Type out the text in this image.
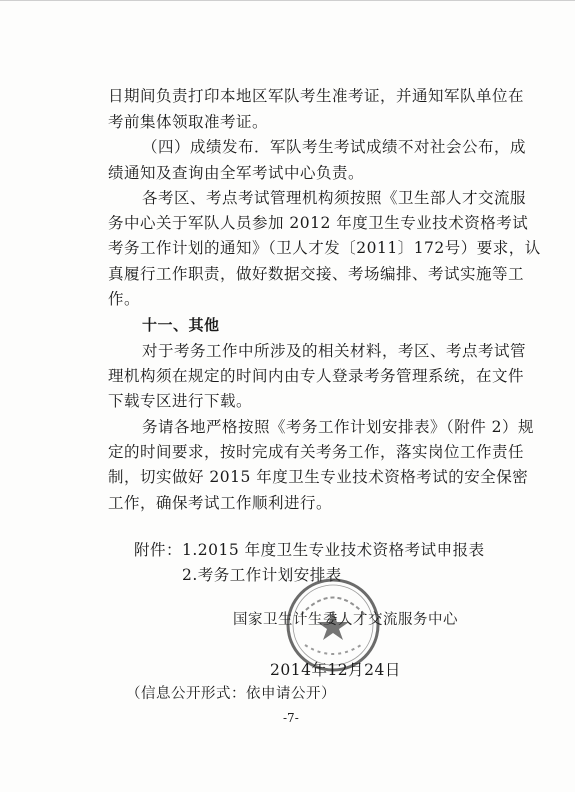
日期间负责打印本地区军队考生准考证，并通知军队单位在
考前集体领取准考证。
（四）成绩发布．军队考生考试成绩不对社会公布，成
绩通知及查询由全军考试中心负责。
各考区、考点考试管理机构须按照《卫生部人才交流服
务中心关于军队人员参加 2012 年度卫生专业技术资格考试
考务工作计划的通知》（卫人才发〔2011〕172号）要求，认
真履行工作职责，做好数据交接、考场编排、考试实施等工
作。
十一、其他
对于考务工作中所涉及的相关材料，考区、考点考试管
理机构须在规定的时间内由专人登录考务管理系统，在文件
下载专区进行下载。
务请各地严格按照《考务工作计划安排表》（附件 2）规
定的时间要求，按时完成有关考务工作，落实岗位工作责任
制，切实做好 2015 年度卫生专业技术资格考试的安全保密
工作，确保考试工作顺利进行。
附件： 1.2015 年度卫生专业技术资格考试申报表
2.考务工作计划安排表
国家卫生计生委人才交流服务中心
2014年12月24日
（信息公开形式：依申请公开）
-7-
